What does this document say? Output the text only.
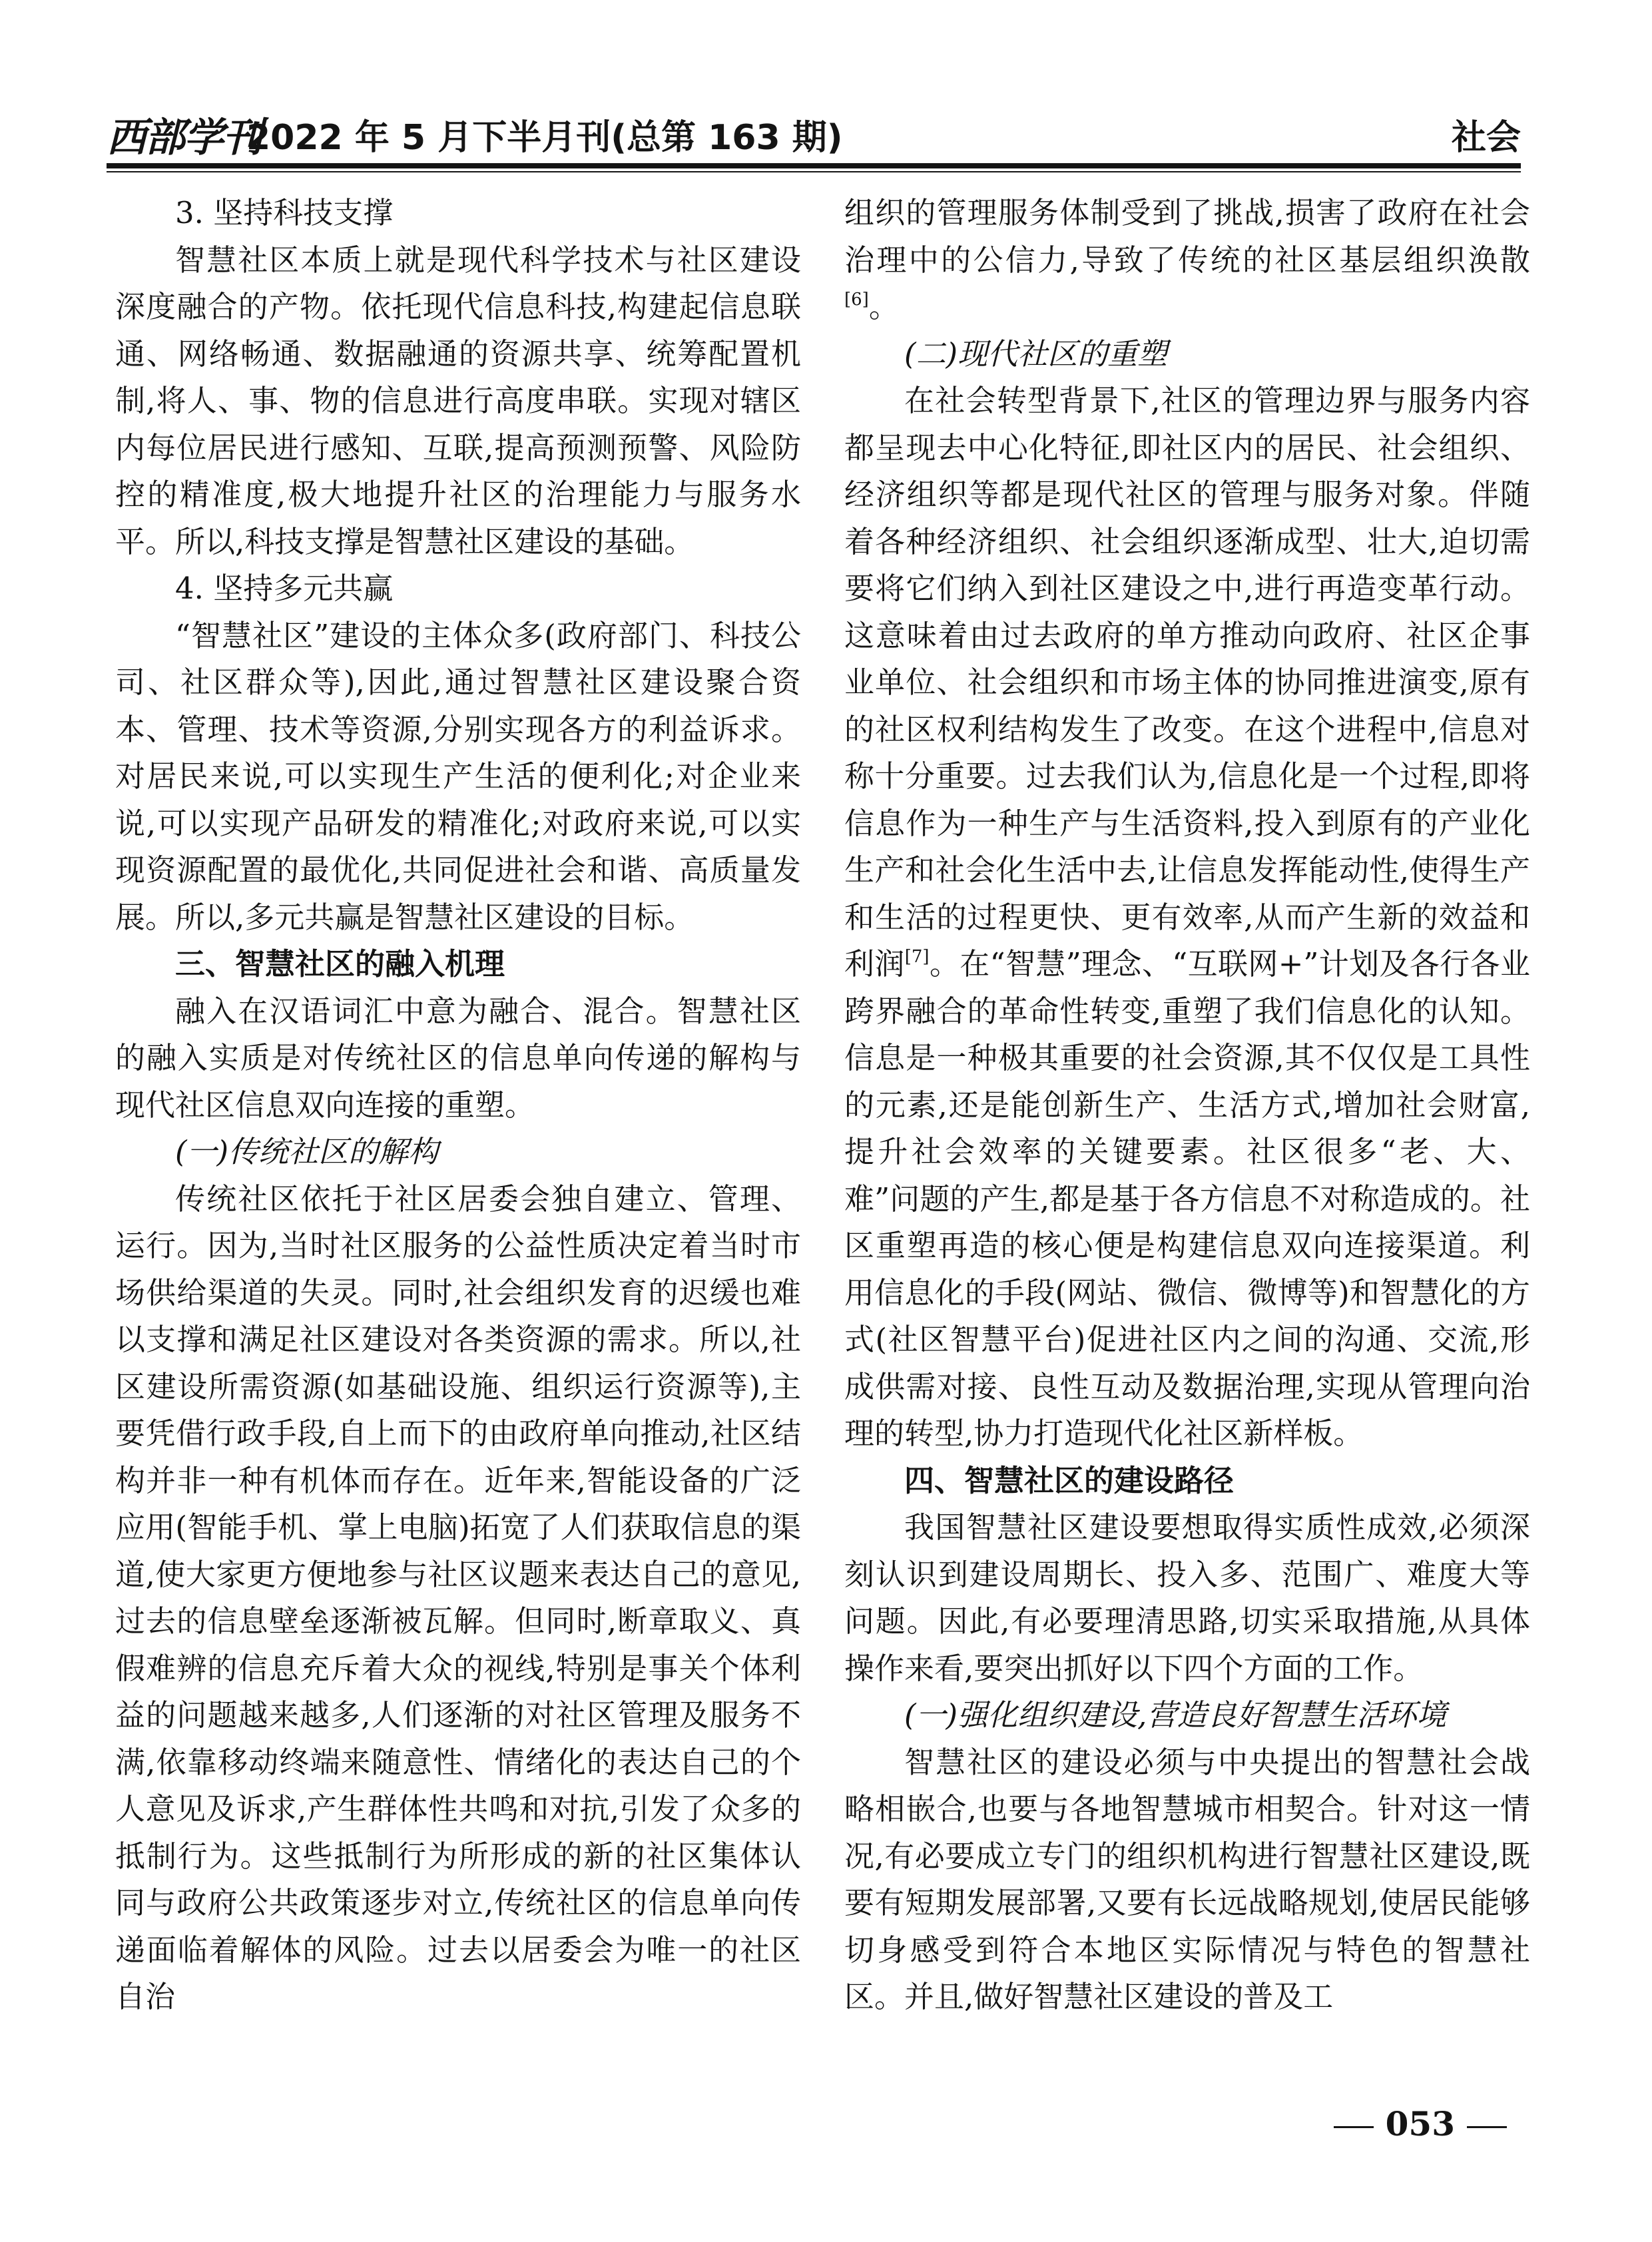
西部学刊
2022 年 5 月下半月刊(总第 163 期)	社会
3. 坚持科技支撑

智慧社区本质上就是现代科学技术与社区建设深度融合的产物。依托现代信息科技,构建起信息联通、网络畅通、数据融通的资源共享、统筹配置机制,将人、事、物的信息进行高度串联。实现对辖区内每位居民进行感知、互联,提高预测预警、风险防控的精准度,极大地提升社区的治理能力与服务水平。所以,科技支撑是智慧社区建设的基础。

4. 坚持多元共赢

“智慧社区”建设的主体众多(政府部门、科技公司、社区群众等),因此,通过智慧社区建设聚合资本、管理、技术等资源,分别实现各方的利益诉求。对居民来说,可以实现生产生活的便利化;对企业来说,可以实现产品研发的精准化;对政府来说,可以实现资源配置的最优化,共同促进社会和谐、高质量发展。所以,多元共赢是智慧社区建设的目标。

三、智慧社区的融入机理

融入在汉语词汇中意为融合、混合。智慧社区的融入实质是对传统社区的信息单向传递的解构与现代社区信息双向连接的重塑。

(一)传统社区的解构

传统社区依托于社区居委会独自建立、管理、运行。因为,当时社区服务的公益性质决定着当时市场供给渠道的失灵。同时,社会组织发育的迟缓也难以支撑和满足社区建设对各类资源的需求。所以,社区建设所需资源(如基础设施、组织运行资源等),主要凭借行政手段,自上而下的由政府单向推动,社区结构并非一种有机体而存在。近年来,智能设备的广泛应用(智能手机、掌上电脑)拓宽了人们获取信息的渠道,使大家更方便地参与社区议题来表达自己的意见,过去的信息壁垒逐渐被瓦解。但同时,断章取义、真假难辨的信息充斥着大众的视线,特别是事关个体利益的问题越来越多,人们逐渐的对社区管理及服务不满,依靠移动终端来随意性、情绪化的表达自己的个人意见及诉求,产生群体性共鸣和对抗,引发了众多的抵制行为。这些抵制行为所形成的新的社区集体认同与政府公共政策逐步对立,传统社区的信息单向传递面临着解体的风险。过去以居委会为唯一的社区自治

组织的管理服务体制受到了挑战,损害了政府在社会治理中的公信力,导致了传统的社区基层组织涣散[6]。

(二)现代社区的重塑

在社会转型背景下,社区的管理边界与服务内容都呈现去中心化特征,即社区内的居民、社会组织、经济组织等都是现代社区的管理与服务对象。伴随着各种经济组织、社会组织逐渐成型、壮大,迫切需要将它们纳入到社区建设之中,进行再造变革行动。这意味着由过去政府的单方推动向政府、社区企事业单位、社会组织和市场主体的协同推进演变,原有的社区权利结构发生了改变。在这个进程中,信息对称十分重要。过去我们认为,信息化是一个过程,即将信息作为一种生产与生活资料,投入到原有的产业化生产和社会化生活中去,让信息发挥能动性,使得生产和生活的过程更快、更有效率,从而产生新的效益和利润[7]。在“智慧”理念、“互联网+”计划及各行各业跨界融合的革命性转变,重塑了我们信息化的认知。信息是一种极其重要的社会资源,其不仅仅是工具性的元素,还是能创新生产、生活方式,增加社会财富,提升社会效率的关键要素。社区很多“老、大、难”问题的产生,都是基于各方信息不对称造成的。社区重塑再造的核心便是构建信息双向连接渠道。利用信息化的手段(网站、微信、微博等)和智慧化的方式(社区智慧平台)促进社区内之间的沟通、交流,形成供需对接、良性互动及数据治理,实现从管理向治理的转型,协力打造现代化社区新样板。

四、智慧社区的建设路径

我国智慧社区建设要想取得实质性成效,必须深刻认识到建设周期长、投入多、范围广、难度大等问题。因此,有必要理清思路,切实采取措施,从具体操作来看,要突出抓好以下四个方面的工作。

(一)强化组织建设,营造良好智慧生活环境

智慧社区的建设必须与中央提出的智慧社会战略相嵌合,也要与各地智慧城市相契合。针对这一情况,有必要成立专门的组织机构进行智慧社区建设,既要有短期发展部署,又要有长远战略规划,使居民能够切身感受到符合本地区实际情况与特色的智慧社区。并且,做好智慧社区建设的普及工

053
